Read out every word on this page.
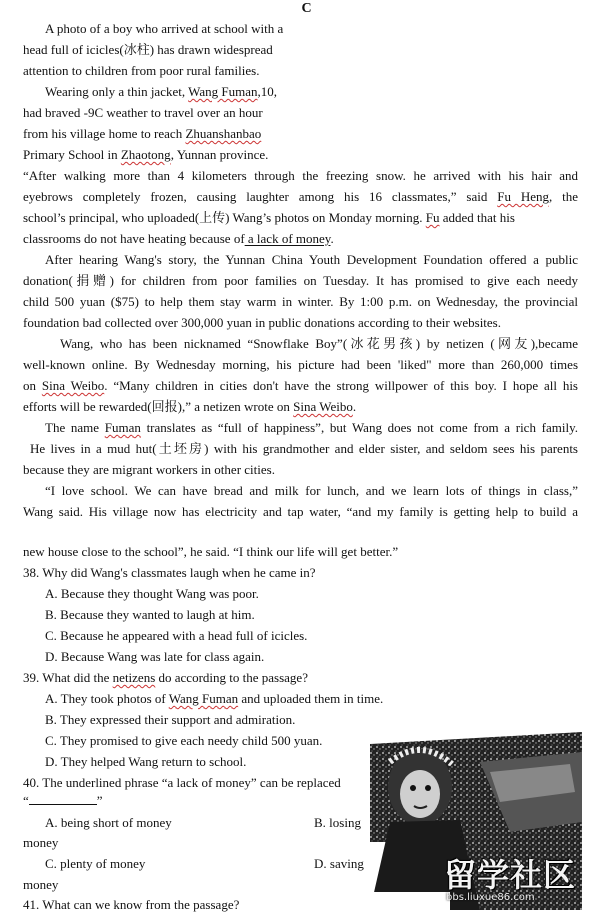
C
A photo of a boy who arrived at school with a
head full of icicles(冰柱) has drawn widespread
attention to children from poor rural families.
Wearing only a thin jacket, Wang Fuman,10,
had braved -9C weather to travel over an hour
from his village home to reach Zhuanshanbao
Primary School in Zhaotong, Yunnan province.
“After walking more than 4 kilometers through the freezing snow. he arrived with his hair and
eyebrows completely frozen, causing laughter among his 16 classmates,” said Fu Heng, the
school’s principal, who uploaded(上传) Wang’s photos on Monday morning. Fu added that his
classrooms do not have heating because of a lack of money.
After hearing Wang's story, the Yunnan China Youth Development Foundation offered a public
donation(捐赠) for children from poor families on Tuesday. It has promised to give each needy
child 500 yuan ($75) to help them stay warm in winter. By 1:00 p.m. on Wednesday, the provincial
foundation bad collected over 300,000 yuan in public donations according to their websites.
Wang, who has been nicknamed “Snowflake Boy”(冰花男孩) by netizen (网友),became
well-known online. By Wednesday morning, his picture had been 'liked" more than 260,000 times
on Sina Weibo. “Many children in cities don't have the strong willpower of this boy. I hope all his
efforts will be rewarded(回报),” a netizen wrote on Sina Weibo.
The name Fuman translates as “full of happiness”, but Wang does not come from a rich family.
He lives in a mud hut(土坯房) with his grandmother and elder sister, and seldom sees his parents
because they are migrant workers in other cities.
“I love school. We can have bread and milk for lunch, and we learn lots of things in class,”
Wang said. His village now has electricity and tap water, “and my family is getting help to build a
new house close to the school”, he said. “I think our life will get better.”
38. Why did Wang's classmates laugh when he came in?
A. Because they thought Wang was poor.
B. Because they wanted to laugh at him.
C. Because he appeared with a head full of icicles.
D. Because Wang was late for class again.
39. What did the netizens do according to the passage?
A. They took photos of Wang Fuman and uploaded them in time.
B. They expressed their support and admiration.
C. They promised to give each needy child 500 yuan.
D. They helped Wang return to school.
40. The underlined phrase “a lack of money” can be replaced
“	”
A. being short of money	B. losing
money
C. plenty of money	D. saving
money
41. What can we know from the passage?
留学社区
bbs.liuxue86.com
